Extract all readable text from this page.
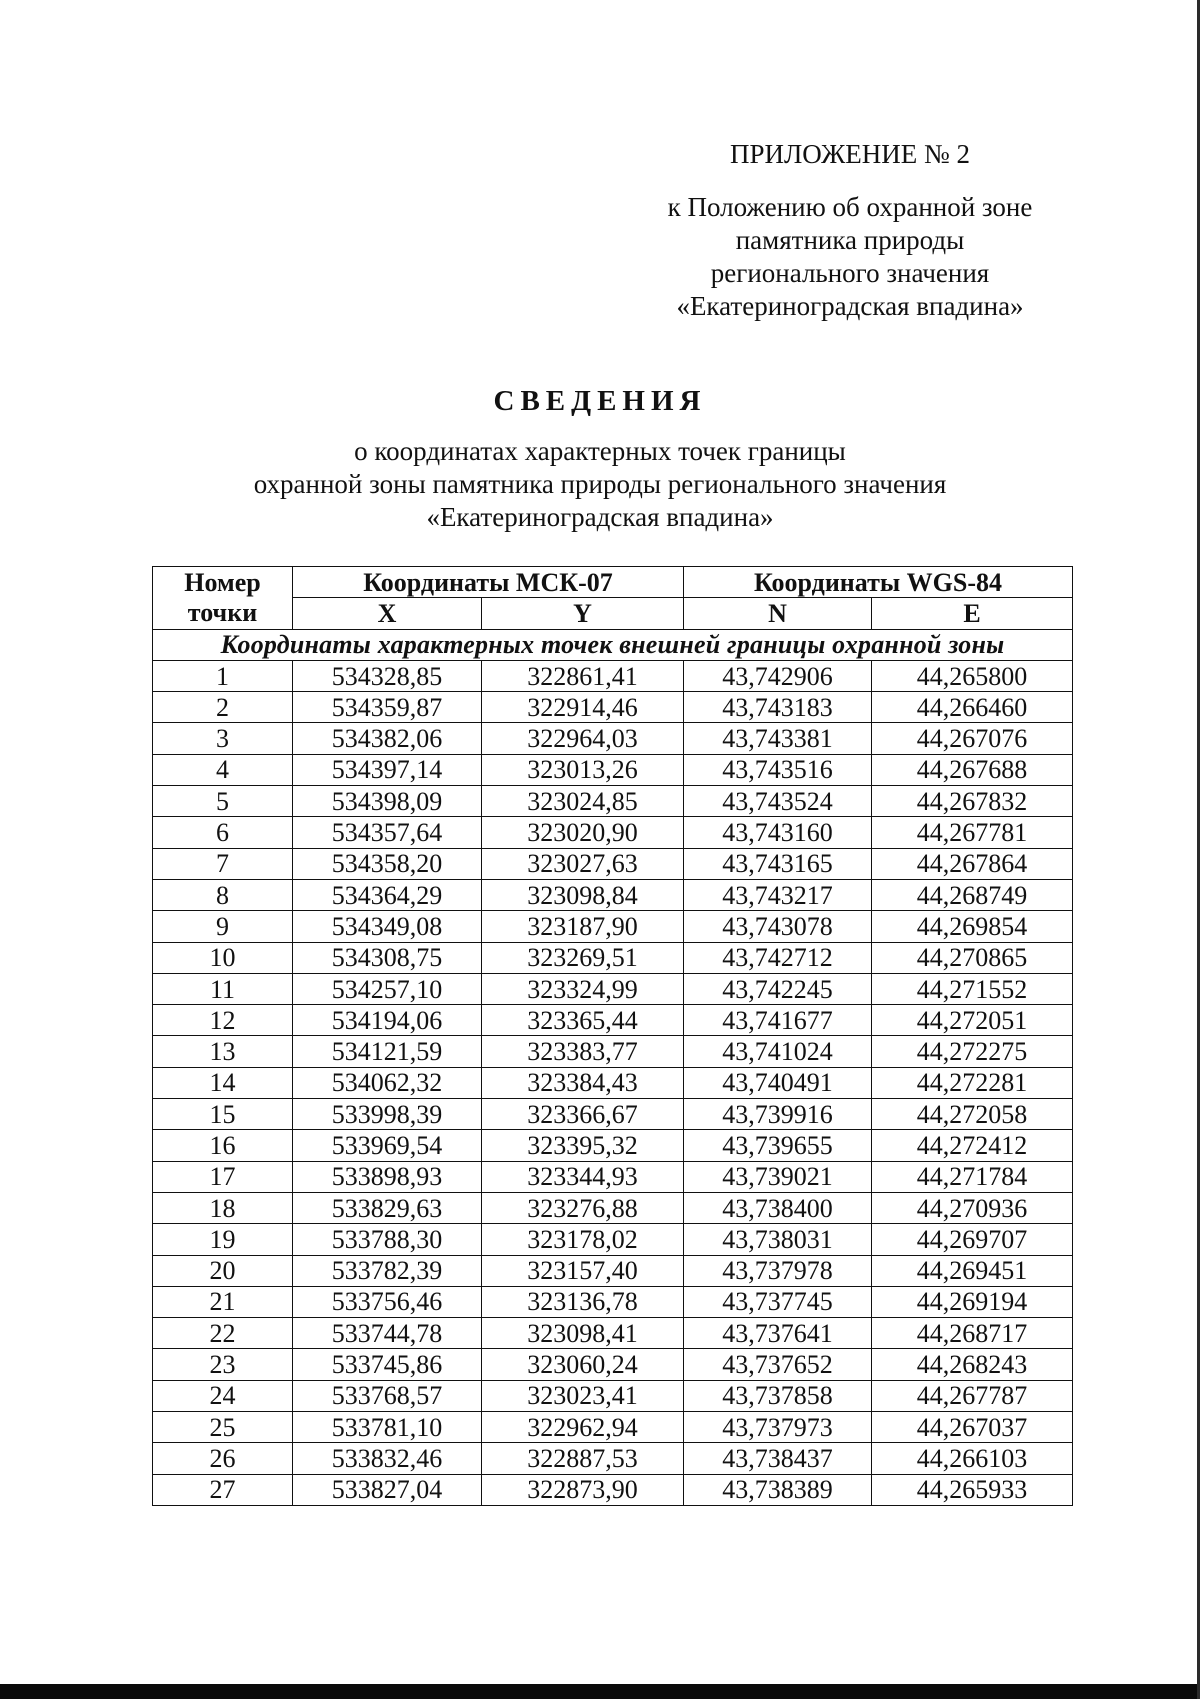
ПРИЛОЖЕНИЕ № 2
к Положению об охранной зоне
памятника природы
регионального значения
«Екатериноградская впадина»
СВЕДЕНИЯ
о координатах характерных точек границы
охранной зоны памятника природы регионального значения
«Екатериноградская впадина»
Номер
точки	Координаты МСК-07		Координаты WGS-84	
	X	Y	N	E
Координаты характерных точек внешней границы охранной зоны				
1	534328,85	322861,41	43,742906	44,265800
2	534359,87	322914,46	43,743183	44,266460
3	534382,06	322964,03	43,743381	44,267076
4	534397,14	323013,26	43,743516	44,267688
5	534398,09	323024,85	43,743524	44,267832
6	534357,64	323020,90	43,743160	44,267781
7	534358,20	323027,63	43,743165	44,267864
8	534364,29	323098,84	43,743217	44,268749
9	534349,08	323187,90	43,743078	44,269854
10	534308,75	323269,51	43,742712	44,270865
11	534257,10	323324,99	43,742245	44,271552
12	534194,06	323365,44	43,741677	44,272051
13	534121,59	323383,77	43,741024	44,272275
14	534062,32	323384,43	43,740491	44,272281
15	533998,39	323366,67	43,739916	44,272058
16	533969,54	323395,32	43,739655	44,272412
17	533898,93	323344,93	43,739021	44,271784
18	533829,63	323276,88	43,738400	44,270936
19	533788,30	323178,02	43,738031	44,269707
20	533782,39	323157,40	43,737978	44,269451
21	533756,46	323136,78	43,737745	44,269194
22	533744,78	323098,41	43,737641	44,268717
23	533745,86	323060,24	43,737652	44,268243
24	533768,57	323023,41	43,737858	44,267787
25	533781,10	322962,94	43,737973	44,267037
26	533832,46	322887,53	43,738437	44,266103
27	533827,04	322873,90	43,738389	44,265933
